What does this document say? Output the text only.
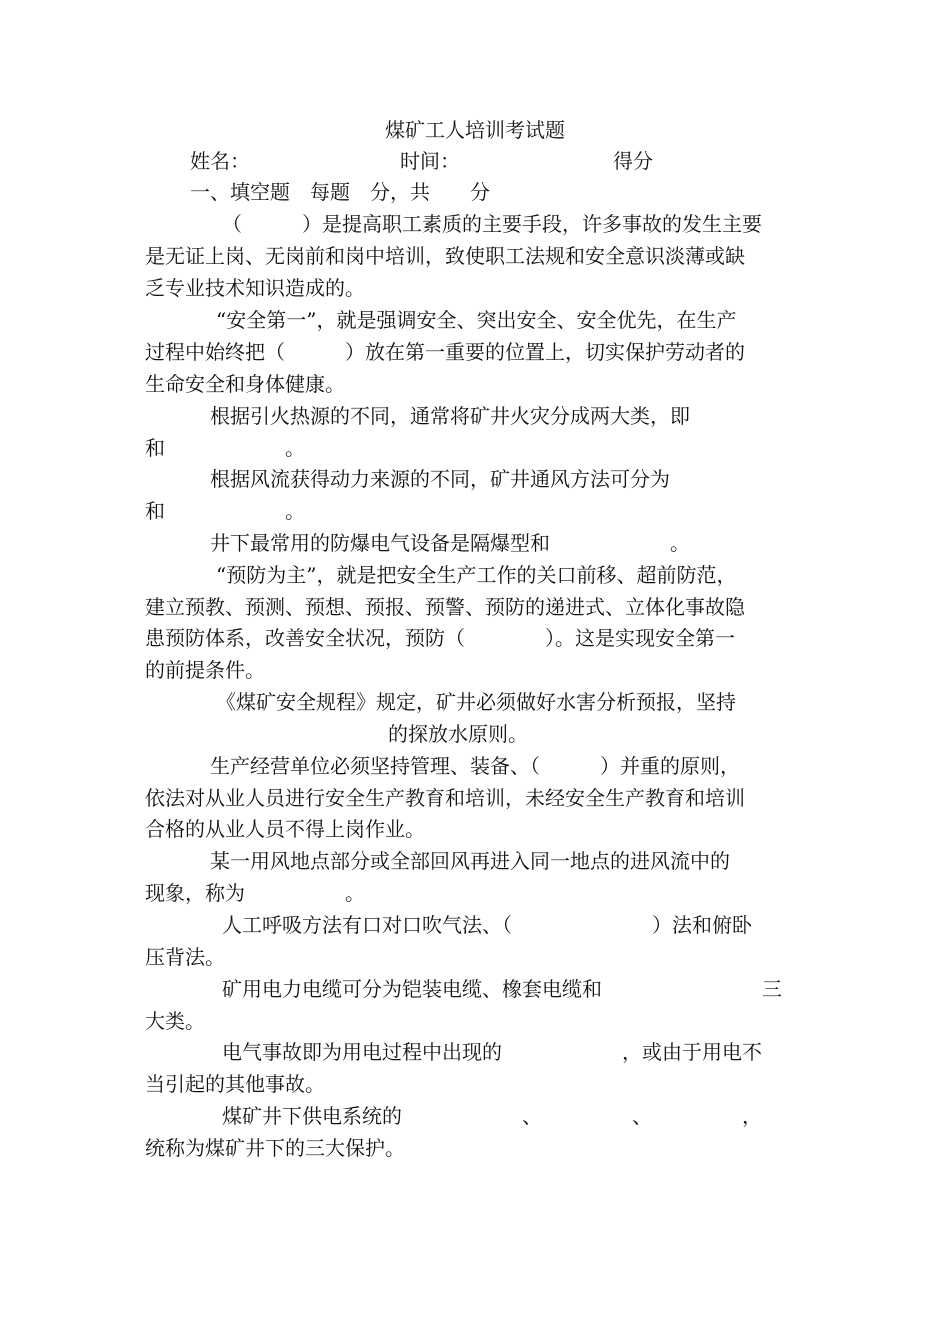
煤矿工人培训考试题
姓名：	时间：	得分
一、填空题　每题　分，共　　分
（　　　）是提高职工素质的主要手段，许多事故的发生主要
是无证上岗、无岗前和岗中培训，致使职工法规和安全意识淡薄或缺
乏专业技术知识造成的。
“安全第一”，就是强调安全、突出安全、安全优先，在生产
过程中始终把（　　　）放在第一重要的位置上，切实保护劳动者的
生命安全和身体健康。
根据引火热源的不同，通常将矿井火灾分成两大类，即
和　　　　　　。
根据风流获得动力来源的不同，矿井通风方法可分为
和　　　　　　。
井下最常用的防爆电气设备是隔爆型和　　　　　　。
“预防为主”，就是把安全生产工作的关口前移、超前防范，
建立预教、预测、预想、预报、预警、预防的递进式、立体化事故隐
患预防体系，改善安全状况，预防（　　　　）。这是实现安全第一
的前提条件。
《煤矿安全规程》规定，矿井必须做好水害分析预报，坚持
的探放水原则。
生产经营单位必须坚持管理、装备、（　　　）并重的原则，
依法对从业人员进行安全生产教育和培训，未经安全生产教育和培训
合格的从业人员不得上岗作业。
某一用风地点部分或全部回风再进入同一地点的进风流中的
现象，称为　　　　　。
人工呼吸方法有口对口吹气法、（　　　　　　　）法和俯卧
压背法。
矿用电力电缆可分为铠装电缆、橡套电缆和　　　　　　　　三
大类。
电气事故即为用电过程中出现的　　　　　　，或由于用电不
当引起的其他事故。
煤矿井下供电系统的　　　　　　、　　　　　、　　　　　，
统称为煤矿井下的三大保护。
